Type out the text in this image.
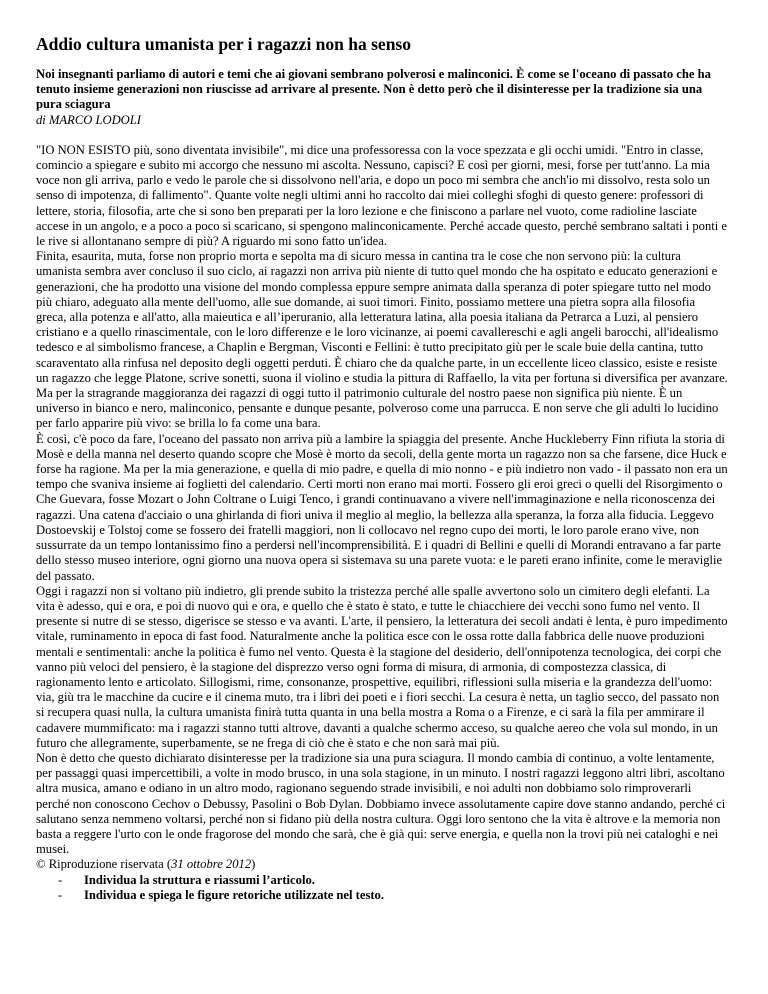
Addio cultura umanista per i ragazzi non ha senso

Noi insegnanti parliamo di autori e temi che ai giovani sembrano polverosi e malinconici. È come se l'oceano di passato che ha tenuto insieme generazioni non riuscisse ad arrivare al presente. Non è detto però che il disinteresse per la tradizione sia una pura sciagura

di MARCO LODOLI

"IO NON ESISTO più, sono diventata invisibile", mi dice una professoressa con la voce spezzata e gli occhi umidi. "Entro in classe, comincio a spiegare e subito mi accorgo che nessuno mi ascolta. Nessuno, capisci? E così per giorni, mesi, forse per tutt'anno. La mia voce non gli arriva, parlo e vedo le parole che si dissolvono nell'aria, e dopo un poco mi sembra che anch'io mi dissolvo, resta solo un senso di impotenza, di fallimento". Quante volte negli ultimi anni ho raccolto dai miei colleghi sfoghi di questo genere: professori di lettere, storia, filosofia, arte che si sono ben preparati per la loro lezione e che finiscono a parlare nel vuoto, come radioline lasciate accese in un angolo, e a poco a poco si scaricano, si spengono malinconicamente. Perché accade questo, perché sembrano saltati i ponti e le rive si allontanano sempre di più? A riguardo mi sono fatto un'idea.

Finita, esaurita, muta, forse non proprio morta e sepolta ma di sicuro messa in cantina tra le cose che non servono più: la cultura umanista sembra aver concluso il suo ciclo, ai ragazzi non arriva più niente di tutto quel mondo che ha ospitato e educato generazioni e generazioni, che ha prodotto una visione del mondo complessa eppure sempre animata dalla speranza di poter spiegare tutto nel modo più chiaro, adeguato alla mente dell'uomo, alle sue domande, ai suoi timori. Finito, possiamo mettere una pietra sopra alla filosofia greca, alla potenza e all'atto, alla maieutica e all’iperuranio, alla letteratura latina, alla poesia italiana da Petrarca a Luzi, al pensiero cristiano e a quello rinascimentale, con le loro differenze e le loro vicinanze, ai poemi cavallereschi e agli angeli barocchi, all'idealismo tedesco e al simbolismo francese, a Chaplin e Bergman, Visconti e Fellini: è tutto precipitato giù per le scale buie della cantina, tutto scaraventato alla rinfusa nel deposito degli oggetti perduti. È chiaro che da qualche parte, in un eccellente liceo classico, esiste e resiste un ragazzo che legge Platone, scrive sonetti, suona il violino e studia la pittura di Raffaello, la vita per fortuna si diversifica per avanzare. Ma per la stragrande maggioranza dei ragazzi di oggi tutto il patrimonio culturale del nostro paese non significa più niente. È un universo in bianco e nero, malinconico, pensante e dunque pesante, polveroso come una parrucca. E non serve che gli adulti lo lucidino per farlo apparire più vivo: se brilla lo fa come una bara.

È così, c'è poco da fare, l'oceano del passato non arriva più a lambire la spiaggia del presente. Anche Huckleberry Finn rifiuta la storia di Mosè e della manna nel deserto quando scopre che Mosè è morto da secoli, della gente morta un ragazzo non sa che farsene, dice Huck e forse ha ragione. Ma per la mia generazione, e quella di mio padre, e quella di mio nonno - e più indietro non vado - il passato non era un tempo che svaniva insieme ai foglietti del calendario. Certi morti non erano mai morti. Fossero gli eroi greci o quelli del Risorgimento o Che Guevara, fosse Mozart o John Coltrane o Luigi Tenco, i grandi continuavano a vivere nell'immaginazione e nella riconoscenza dei ragazzi. Una catena d'acciaio o una ghirlanda di fiori univa il meglio al meglio, la bellezza alla speranza, la forza alla fiducia. Leggevo Dostoevskij e Tolstoj come se fossero dei fratelli maggiori, non li collocavo nel regno cupo dei morti, le loro parole erano vive, non sussurrate da un tempo lontanissimo fino a perdersi nell'incomprensibilità. E i quadri di Bellini e quelli di Morandi entravano a far parte dello stesso museo interiore, ogni giorno una nuova opera si sistemava su una parete vuota: e le pareti erano infinite, come le meraviglie del passato.

Oggi i ragazzi non si voltano più indietro, gli prende subito la tristezza perché alle spalle avvertono solo un cimitero degli elefanti. La vita è adesso, qui e ora, e poi di nuovo qui e ora, e quello che è stato è stato, e tutte le chiacchiere dei vecchi sono fumo nel vento. Il presente si nutre di se stesso, digerisce se stesso e va avanti. L'arte, il pensiero, la letteratura dei secoli andati è lenta, è puro impedimento vitale, ruminamento in epoca di fast food. Naturalmente anche la politica esce con le ossa rotte dalla fabbrica delle nuove produzioni mentali e sentimentali: anche la politica è fumo nel vento. Questa è la stagione del desiderio, dell'onnipotenza tecnologica, dei corpi che vanno più veloci del pensiero, è la stagione del disprezzo verso ogni forma di misura, di armonia, di compostezza classica, di ragionamento lento e articolato. Sillogismi, rime, consonanze, prospettive, equilibri, riflessioni sulla miseria e la grandezza dell'uomo: via, giù tra le macchine da cucire e il cinema muto, tra i libri dei poeti e i fiori secchi. La cesura è netta, un taglio secco, del passato non si recupera quasi nulla, la cultura umanista finirà tutta quanta in una bella mostra a Roma o a Firenze, e ci sarà la fila per ammirare il cadavere mummificato: ma i ragazzi stanno tutti altrove, davanti a qualche schermo acceso, su qualche aereo che vola sul mondo, in un futuro che allegramente, superbamente, se ne frega di ciò che è stato e che non sarà mai più.

Non è detto che questo dichiarato disinteresse per la tradizione sia una pura sciagura. Il mondo cambia di continuo, a volte lentamente, per passaggi quasi impercettibili, a volte in modo brusco, in una sola stagione, in un minuto. I nostri ragazzi leggono altri libri, ascoltano altra musica, amano e odiano in un altro modo, ragionano seguendo strade invisibili, e noi adulti non dobbiamo solo rimproverarli perché non conoscono Cechov o Debussy, Pasolini o Bob Dylan. Dobbiamo invece assolutamente capire dove stanno andando, perché ci salutano senza nemmeno voltarsi, perché non si fidano più della nostra cultura. Oggi loro sentono che la vita è altrove e la memoria non basta a reggere l'urto con le onde fragorose del mondo che sarà, che è già qui: serve energia, e quella non la trovi più nei cataloghi e nei musei.

© Riproduzione riservata (31 ottobre 2012)

-	Individua la struttura e riassumi l’articolo.
-	Individua e spiega le figure retoriche utilizzate nel testo.
